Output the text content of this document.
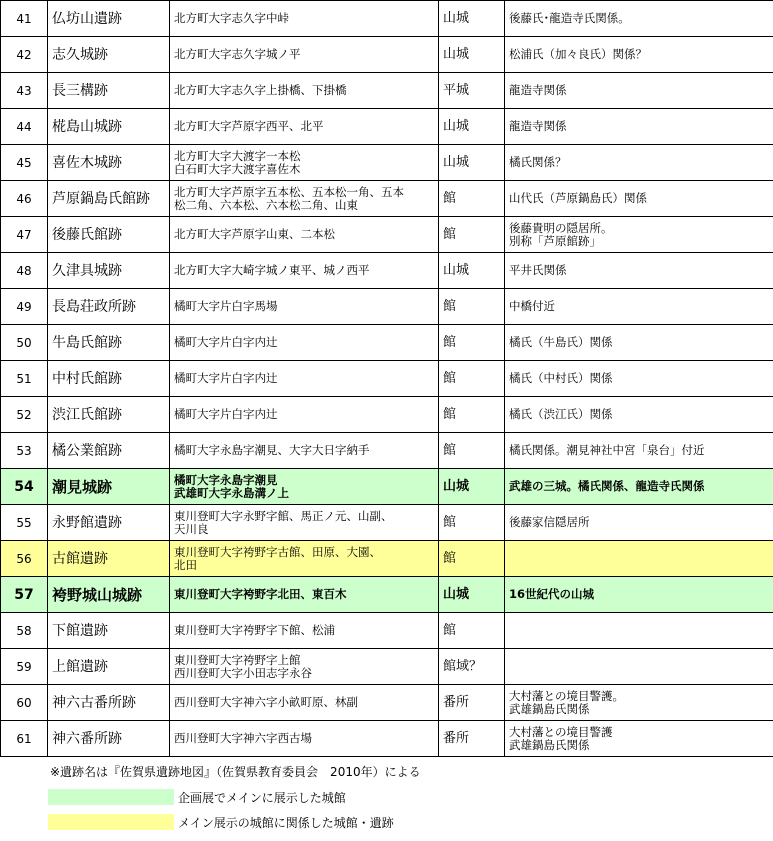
41	仏坊山遺跡	北方町大字志久字中峠	山城	後藤氏･龍造寺氏関係。

42	志久城跡	北方町大字志久字城ノ平	山城	松浦氏（加々良氏）関係？

43	長三構跡	北方町大字志久字上掛橋、下掛橋	平城	龍造寺関係

44	椛島山城跡	北方町大字芦原字西平、北平	山城	龍造寺関係

45	喜佐木城跡	北方町大字大渡字一本松
白石町大字大渡字喜佐木	山城	橘氏関係？

46	芦原鍋島氏館跡	北方町大字芦原字五本松、五本松一角、五本
松二角、六本松、六本松二角、山東	館	山代氏（芦原鍋島氏）関係

47	後藤氏館跡	北方町大字芦原字山東、二本松	館	後藤貴明の隠居所。
別称「芦原館跡」

48	久津具城跡	北方町大字大崎字城ノ東平、城ノ西平	山城	平井氏関係

49	長島荘政所跡	橘町大字片白字馬場	館	中橋付近

50	牛島氏館跡	橘町大字片白字内辻	館	橘氏（牛島氏）関係

51	中村氏館跡	橘町大字片白字内辻	館	橘氏（中村氏）関係

52	渋江氏館跡	橘町大字片白字内辻	館	橘氏（渋江氏）関係

53	橘公業館跡	橘町大字永島字潮見、大字大日字納手	館	橘氏関係。潮見神社中宮「泉台」付近

54	潮見城跡	橘町大字永島字潮見
武雄町大字永島溝ノ上	山城	武雄の三城。橘氏関係、龍造寺氏関係

55	永野館遺跡	東川登町大字永野字館、馬正ノ元、山副、
天川良	館	後藤家信隠居所

56	古館遺跡	東川登町大字袴野字古館、田原、大園、
北田	館	

57	袴野城山城跡	東川登町大字袴野字北田、東百木	山城	16世紀代の山城

58	下館遺跡	東川登町大字袴野字下館、松浦	館	

59	上館遺跡	東川登町大字袴野字上館
西川登町大字小田志字永谷	館域？	

60	神六古番所跡	西川登町大字神六字小畝町原、林副	番所	大村藩との境目警護。
武雄鍋島氏関係

61	神六番所跡	西川登町大字神六字西古場	番所	大村藩との境目警護
武雄鍋島氏関係
※遺跡名は『佐賀県遺跡地図』（佐賀県教育委員会　2010年）による
企画展でメインに展示した城館
メイン展示の城館に関係した城館・遺跡
